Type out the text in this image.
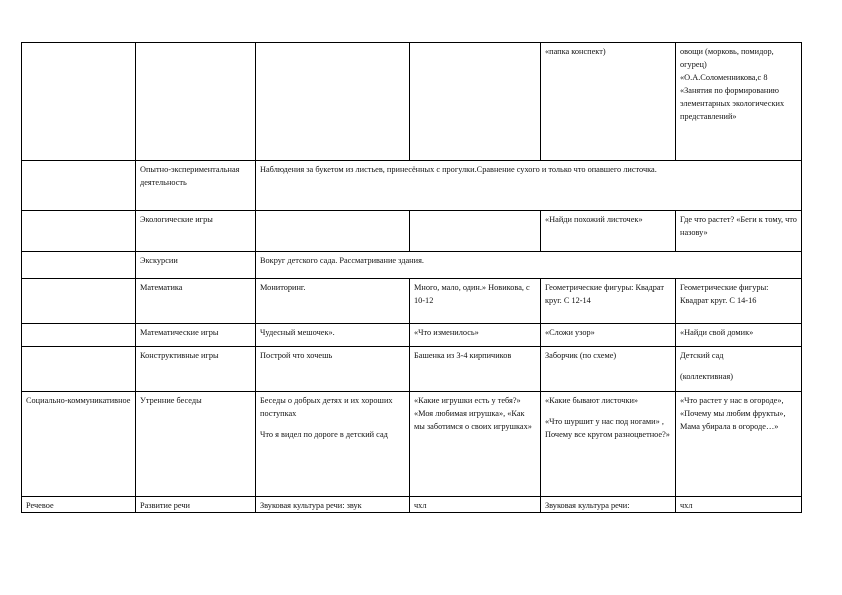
				«папка конспект)	овощи (морковь, помидор, огурец)
«О.А.Соломенникова,с 8 «Занятия по формированию элементарных экологических представлений»

	Опытно-экспериментальная деятельность	Наблюдения за букетом из листьев, принесённых с прогулки.Сравнение сухого и только что опавшего листочка.			
	Экологические игры			«Найди похожий листочек»	Где что растет? «Беги к тому, что назову»
	Экскурсии	Вокруг детского сада. Рассматривание здания.			
	Математика	Мониторинг.	Много, мало, один.» Новикова, с 10-12	Геометрические фигуры: Квадрат круг. С 12-14	Геометрические фигуры: Квадрат круг. С 14-16
	Математические игры	Чудесный мешочек».	«Что изменилось»	«Сложи узор»	«Найди свой домик»
	Конструктивные игры	Построй что хочешь	Башенка из 3-4 кирпичиков	Заборчик (по схеме)	Детский сад
(коллективная)

Социально-коммуникативное	Утренние беседы	Беседы о добрых детях и их хороших поступках
Что я видел по дороге в детский сад	«Какие игрушки есть у тебя?» «Моя любимая игрушка», «Как мы заботимся о своих игрушках»	«Какие бывают листочки»
«Что шуршит у нас под ногами» , Почему все кругом разноцветное?»	«Что растет у нас в огороде», «Почему мы любим фрукты», Мама убирала в огороде…»
Речевое	Развитие речи	Звуковая культура речи: звук	чхл	Звуковая культура речи:	чхл
